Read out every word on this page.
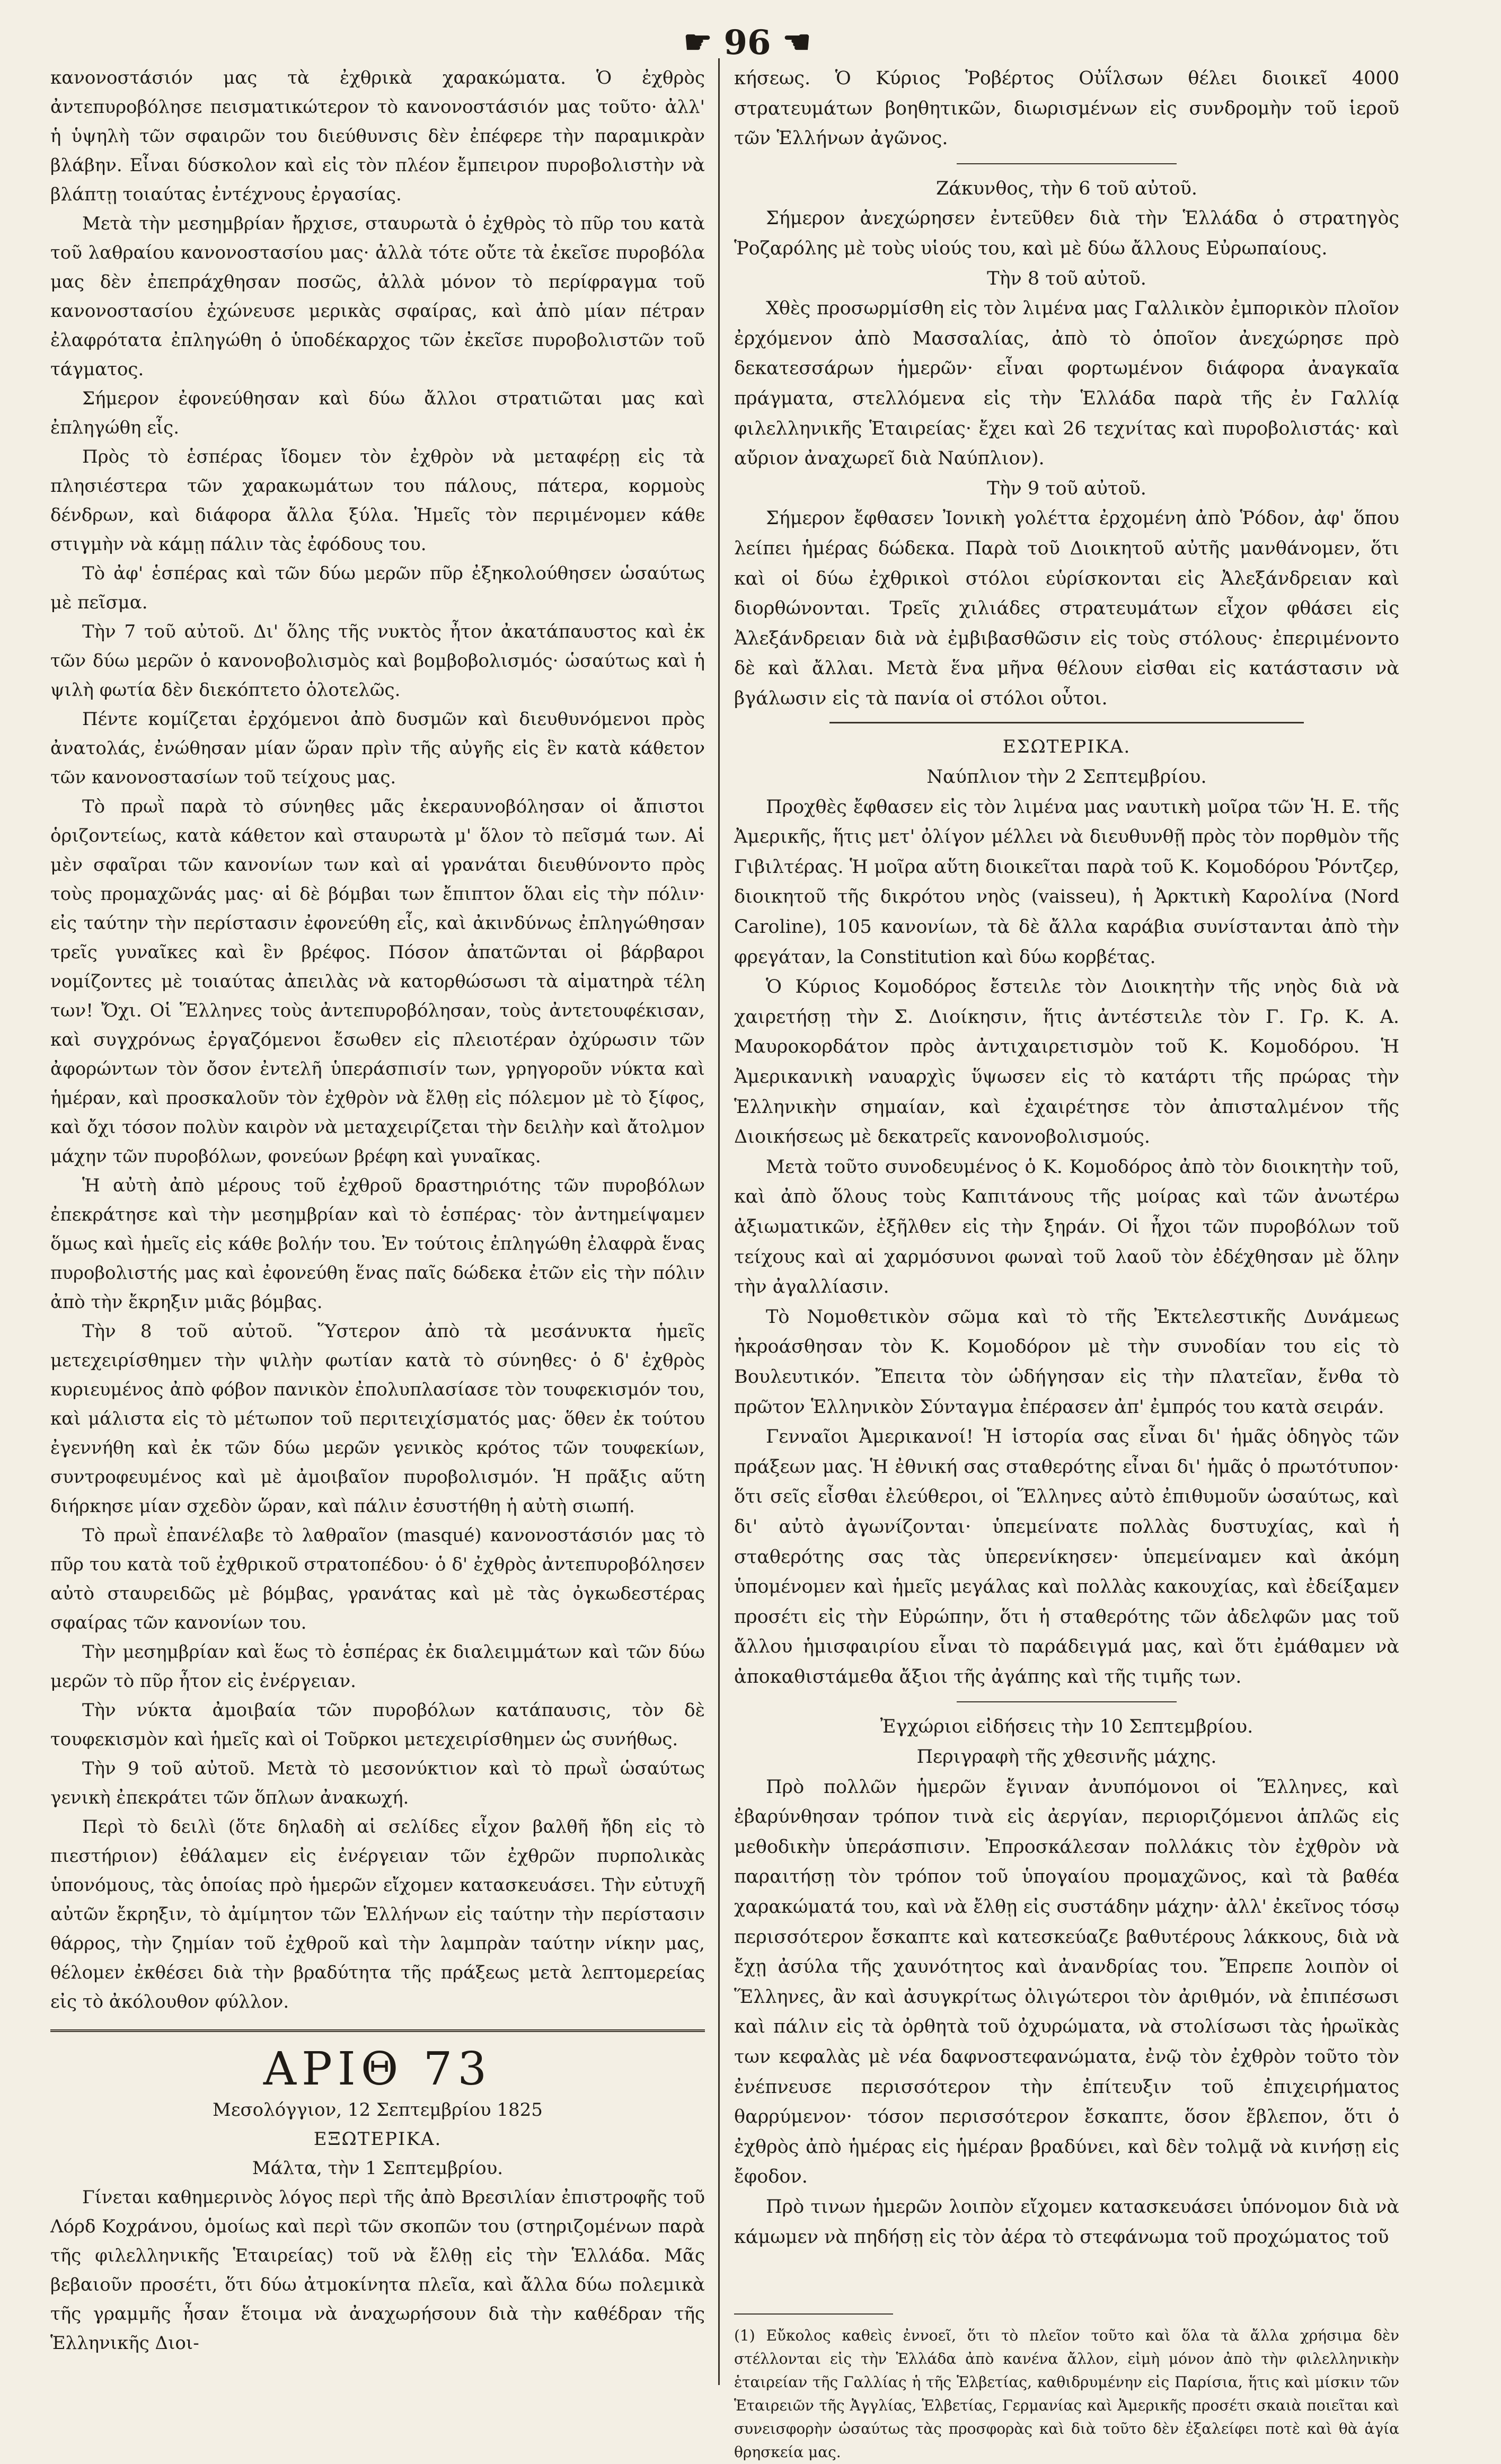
☛ 96 ☚

κανονοστάσιόν μας τὰ ἐχθρικὰ χαρακώματα. Ὁ ἐχθρὸς ἀντεπυροβόλησε πεισματικώτερον τὸ κανονοστάσιόν μας τοῦτο· ἀλλ' ἡ ὑψηλὴ τῶν σφαιρῶν του διεύθυνσις δὲν ἐπέφερε τὴν παραμικρὰν βλάβην. Εἶναι δύσκολον καὶ εἰς τὸν πλέον ἔμπειρον πυροβολιστὴν νὰ βλάπτῃ τοιαύτας ἐντέχνους ἐργασίας.

Μετὰ τὴν μεσημβρίαν ἤρχισε, σταυρωτὰ ὁ ἐχθρὸς τὸ πῦρ του κατὰ τοῦ λαθραίου κανονοστασίου μας· ἀλλὰ τότε οὔτε τὰ ἐκεῖσε πυροβόλα μας δὲν ἐπεπράχθησαν ποσῶς, ἀλλὰ μόνον τὸ περίφραγμα τοῦ κανονοστασίου ἐχώνευσε μερικὰς σφαίρας, καὶ ἀπὸ μίαν πέτραν ἐλαφρότατα ἐπληγώθη ὁ ὑποδέκαρχος τῶν ἐκεῖσε πυροβολιστῶν τοῦ τάγματος.

Σήμερον ἐφονεύθησαν καὶ δύω ἄλλοι στρατιῶται μας καὶ ἐπληγώθη εἷς.

Πρὸς τὸ ἑσπέρας ἴδομεν τὸν ἐχθρὸν νὰ μεταφέρῃ εἰς τὰ πλησιέστερα τῶν χαρακωμάτων του πάλους, πάτερα, κορμοὺς δένδρων, καὶ διάφορα ἄλλα ξύλα. Ἡμεῖς τὸν περιμένομεν κάθε στιγμὴν νὰ κάμῃ πάλιν τὰς ἐφόδους του.

Τὸ ἀφ' ἑσπέρας καὶ τῶν δύω μερῶν πῦρ ἐξηκολούθησεν ὡσαύτως μὲ πεῖσμα.

Τὴν 7 τοῦ αὐτοῦ. Δι' ὅλης τῆς νυκτὸς ἦτον ἀκατάπαυστος καὶ ἐκ τῶν δύω μερῶν ὁ κανονοβολισμὸς καὶ βομβοβολισμός· ὡσαύτως καὶ ἡ ψιλὴ φωτία δὲν διεκόπτετο ὁλοτελῶς.

Πέντε κομίζεται ἐρχόμενοι ἀπὸ δυσμῶν καὶ διευθυνόμενοι πρὸς ἀνατολάς, ἐνώθησαν μίαν ὥραν πρὶν τῆς αὐγῆς εἰς ἓν κατὰ κάθετον τῶν κανονοστασίων τοῦ τείχους μας.

Τὸ πρωῒ παρὰ τὸ σύνηθες μᾶς ἐκεραυνοβόλησαν οἱ ἄπιστοι ὁριζοντείως, κατὰ κάθετον καὶ σταυρωτὰ μ' ὅλον τὸ πεῖσμά των. Αἱ μὲν σφαῖραι τῶν κανονίων των καὶ αἱ γρανάται διευθύνοντο πρὸς τοὺς προμαχῶνάς μας· αἱ δὲ βόμβαι των ἔπιπτον ὅλαι εἰς τὴν πόλιν· εἰς ταύτην τὴν περίστασιν ἐφονεύθη εἷς, καὶ ἀκινδύνως ἐπληγώθησαν τρεῖς γυναῖκες καὶ ἓν βρέφος. Πόσον ἀπατῶνται οἱ βάρβαροι νομίζοντες μὲ τοιαύτας ἀπειλὰς νὰ κατορθώσωσι τὰ αἱματηρὰ τέλη των! Ὄχι. Οἱ Ἕλληνες τοὺς ἀντεπυροβόλησαν, τοὺς ἀντετουφέκισαν, καὶ συγχρόνως ἐργαζόμενοι ἔσωθεν εἰς πλειοτέραν ὀχύρωσιν τῶν ἀφορώντων τὸν ὄσον ἐντελῆ ὑπεράσπισίν των, γρηγοροῦν νύκτα καὶ ἡμέραν, καὶ προσκαλοῦν τὸν ἐχθρὸν νὰ ἔλθῃ εἰς πόλεμον μὲ τὸ ξίφος, καὶ ὄχι τόσον πολὺν καιρὸν νὰ μεταχειρίζεται τὴν δειλὴν καὶ ἄτολμον μάχην τῶν πυροβόλων, φονεύων βρέφη καὶ γυναῖκας.

Ἡ αὐτὴ ἀπὸ μέρους τοῦ ἐχθροῦ δραστηριότης τῶν πυροβόλων ἐπεκράτησε καὶ τὴν μεσημβρίαν καὶ τὸ ἑσπέρας· τὸν ἀντημείψαμεν ὅμως καὶ ἡμεῖς εἰς κάθε βολήν του. Ἐν τούτοις ἐπληγώθη ἐλαφρὰ ἕνας πυροβολιστής μας καὶ ἐφονεύθη ἕνας παῖς δώδεκα ἐτῶν εἰς τὴν πόλιν ἀπὸ τὴν ἔκρηξιν μιᾶς βόμβας.

Τὴν 8 τοῦ αὐτοῦ. Ὕστερον ἀπὸ τὰ μεσάνυκτα ἡμεῖς μετεχειρίσθημεν τὴν ψιλὴν φωτίαν κατὰ τὸ σύνηθες· ὁ δ' ἐχθρὸς κυριευμένος ἀπὸ φόβον πανικὸν ἐπολυπλασίασε τὸν τουφεκισμόν του, καὶ μάλιστα εἰς τὸ μέτωπον τοῦ περιτειχίσματός μας· ὅθεν ἐκ τούτου ἐγεννήθη καὶ ἐκ τῶν δύω μερῶν γενικὸς κρότος τῶν τουφεκίων, συντροφευμένος καὶ μὲ ἀμοιβαῖον πυροβολισμόν. Ἡ πρᾶξις αὕτη διήρκησε μίαν σχεδὸν ὥραν, καὶ πάλιν ἐσυστήθη ἡ αὐτὴ σιωπή.

Τὸ πρωῒ ἐπανέλαβε τὸ λαθραῖον (masqué) κανονοστάσιόν μας τὸ πῦρ του κατὰ τοῦ ἐχθρικοῦ στρατοπέδου· ὁ δ' ἐχθρὸς ἀντεπυροβόλησεν αὐτὸ σταυρειδῶς μὲ βόμβας, γρανάτας καὶ μὲ τὰς ὀγκωδεστέρας σφαίρας τῶν κανονίων του.

Τὴν μεσημβρίαν καὶ ἕως τὸ ἑσπέρας ἐκ διαλειμμάτων καὶ τῶν δύω μερῶν τὸ πῦρ ἦτον εἰς ἐνέργειαν.

Τὴν νύκτα ἀμοιβαία τῶν πυροβόλων κατάπαυσις, τὸν δὲ τουφεκισμὸν καὶ ἡμεῖς καὶ οἱ Τοῦρκοι μετεχειρίσθημεν ὡς συνήθως.

Τὴν 9 τοῦ αὐτοῦ. Μετὰ τὸ μεσονύκτιον καὶ τὸ πρωῒ ὡσαύτως γενικὴ ἐπεκράτει τῶν ὅπλων ἀνακωχή.

Περὶ τὸ δειλὶ (ὅτε δηλαδὴ αἱ σελίδες εἶχον βαλθῆ ἤδη εἰς τὸ πιεστήριον) ἐθάλαμεν εἰς ἐνέργειαν τῶν ἐχθρῶν πυρπολικὰς ὑπονόμους, τὰς ὁποίας πρὸ ἡμερῶν εἴχομεν κατασκευάσει. Τὴν εὐτυχῆ αὐτῶν ἔκρηξιν, τὸ ἀμίμητον τῶν Ἑλλήνων εἰς ταύτην τὴν περίστασιν θάρρος, τὴν ζημίαν τοῦ ἐχθροῦ καὶ τὴν λαμπρὰν ταύτην νίκην μας, θέλομεν ἐκθέσει διὰ τὴν βραδύτητα τῆς πράξεως μετὰ λεπτομερείας εἰς τὸ ἀκόλουθον φύλλον.

ΑΡΙΘ 73

Μεσολόγγιον, 12 Σεπτεμβρίου 1825

ΕΞΩΤΕΡΙΚΑ.

Μάλτα, τὴν 1 Σεπτεμβρίου.

Γίνεται καθημερινὸς λόγος περὶ τῆς ἀπὸ Βρεσιλίαν ἐπιστροφῆς τοῦ Λόρδ Κοχράνου, ὁμοίως καὶ περὶ τῶν σκοπῶν του (στηριζομένων παρὰ τῆς φιλελληνικῆς Ἑταιρείας) τοῦ νὰ ἔλθῃ εἰς τὴν Ἑλλάδα. Μᾶς βεβαιοῦν προσέτι, ὅτι δύω ἀτμοκίνητα πλεῖα, καὶ ἄλλα δύω πολεμικὰ τῆς γραμμῆς ἦσαν ἕτοιμα νὰ ἀναχωρήσουν διὰ τὴν καθέδραν τῆς Ἑλληνικῆς Διοι-

κήσεως. Ὁ Κύριος Ῥοβέρτος Οὐΐλσων θέλει διοικεῖ 4000 στρατευμάτων βοηθητικῶν, διωρισμένων εἰς συνδρομὴν τοῦ ἱεροῦ τῶν Ἑλλήνων ἀγῶνος.

Ζάκυνθος, τὴν 6 τοῦ αὐτοῦ.

Σήμερον ἀνεχώρησεν ἐντεῦθεν διὰ τὴν Ἑλλάδα ὁ στρατηγὸς Ῥοζαρόλης μὲ τοὺς υἱούς του, καὶ μὲ δύω ἄλλους Εὐρωπαίους.

Τὴν 8 τοῦ αὐτοῦ.

Χθὲς προσωρμίσθη εἰς τὸν λιμένα μας Γαλλικὸν ἐμπορικὸν πλοῖον ἐρχόμενον ἀπὸ Μασσαλίας, ἀπὸ τὸ ὁποῖον ἀνεχώρησε πρὸ δεκατεσσάρων ἡμερῶν· εἶναι φορτωμένον διάφορα ἀναγκαῖα πράγματα, στελλόμενα εἰς τὴν Ἑλλάδα παρὰ τῆς ἐν Γαλλίᾳ φιλελληνικῆς Ἑταιρείας· ἔχει καὶ 26 τεχνίτας καὶ πυροβολιστάς· καὶ αὔριον ἀναχωρεῖ διὰ Ναύπλιον).

Τὴν 9 τοῦ αὐτοῦ.

Σήμερον ἔφθασεν Ἰονικὴ γολέττα ἐρχομένη ἀπὸ Ῥόδον, ἀφ' ὅπου λείπει ἡμέρας δώδεκα. Παρὰ τοῦ Διοικητοῦ αὐτῆς μανθάνομεν, ὅτι καὶ οἱ δύω ἐχθρικοὶ στόλοι εὑρίσκονται εἰς Ἀλεξάνδρειαν καὶ διορθώνονται. Τρεῖς χιλιάδες στρατευμάτων εἶχον φθάσει εἰς Ἀλεξάνδρειαν διὰ νὰ ἐμβιβασθῶσιν εἰς τοὺς στόλους· ἐπεριμένοντο δὲ καὶ ἄλλαι. Μετὰ ἕνα μῆνα θέλουν εἰσθαι εἰς κατάστασιν νὰ βγάλωσιν εἰς τὰ πανία οἱ στόλοι οὗτοι.

ΕΣΩΤΕΡΙΚΑ.

Ναύπλιον τὴν 2 Σεπτεμβρίου.

Προχθὲς ἔφθασεν εἰς τὸν λιμένα μας ναυτικὴ μοῖρα τῶν Ἡ. Ε. τῆς Ἀμερικῆς, ἥτις μετ' ὀλίγον μέλλει νὰ διευθυνθῇ πρὸς τὸν πορθμὸν τῆς Γιβιλτέρας. Ἡ μοῖρα αὕτη διοικεῖται παρὰ τοῦ Κ. Κομοδόρου Ῥόντζερ, διοικητοῦ τῆς δικρότου νηὸς (vaisseu), ἡ Ἀρκτικὴ Καρολίνα (Nord Caroline), 105 κανονίων, τὰ δὲ ἄλλα καράβια συνίστανται ἀπὸ τὴν φρεγάταν, la Constitution καὶ δύω κορβέτας.

Ὁ Κύριος Κομοδόρος ἔστειλε τὸν Διοικητὴν τῆς νηὸς διὰ νὰ χαιρετήσῃ τὴν Σ. Διοίκησιν, ἥτις ἀντέστειλε τὸν Γ. Γρ. Κ. Α. Μαυροκορδάτον πρὸς ἀντιχαιρετισμὸν τοῦ Κ. Κομοδόρου. Ἡ Ἀμερικανικὴ ναυαρχὶς ὕψωσεν εἰς τὸ κατάρτι τῆς πρώρας τὴν Ἑλληνικὴν σημαίαν, καὶ ἐχαιρέτησε τὸν ἀπισταλμένον τῆς Διοικήσεως μὲ δεκατρεῖς κανονοβολισμούς.

Μετὰ τοῦτο συνοδευμένος ὁ Κ. Κομοδόρος ἀπὸ τὸν διοικητὴν τοῦ, καὶ ἀπὸ ὅλους τοὺς Καπιτάνους τῆς μοίρας καὶ τῶν ἀνωτέρω ἀξιωματικῶν, ἐξῆλθεν εἰς τὴν ξηράν. Οἱ ἦχοι τῶν πυροβόλων τοῦ τείχους καὶ αἱ χαρμόσυνοι φωναὶ τοῦ λαοῦ τὸν ἐδέχθησαν μὲ ὅλην τὴν ἀγαλλίασιν.

Τὸ Νομοθετικὸν σῶμα καὶ τὸ τῆς Ἐκτελεστικῆς Δυνάμεως ἠκροάσθησαν τὸν Κ. Κομοδόρον μὲ τὴν συνοδίαν του εἰς τὸ Βουλευτικόν. Ἔπειτα τὸν ὡδήγησαν εἰς τὴν πλατεῖαν, ἔνθα τὸ πρῶτον Ἑλληνικὸν Σύνταγμα ἐπέρασεν ἀπ' ἐμπρός του κατὰ σειράν.

Γενναῖοι Ἀμερικανοί! Ἡ ἱστορία σας εἶναι δι' ἡμᾶς ὁδηγὸς τῶν πράξεων μας. Ἡ ἐθνική σας σταθερότης εἶναι δι' ἡμᾶς ὁ πρωτότυπον· ὅτι σεῖς εἶσθαι ἐλεύθεροι, οἱ Ἕλληνες αὐτὸ ἐπιθυμοῦν ὡσαύτως, καὶ δι' αὐτὸ ἀγωνίζονται· ὑπεμείνατε πολλὰς δυστυχίας, καὶ ἡ σταθερότης σας τὰς ὑπερενίκησεν· ὑπεμείναμεν καὶ ἀκόμη ὑπομένομεν καὶ ἡμεῖς μεγάλας καὶ πολλὰς κακουχίας, καὶ ἐδείξαμεν προσέτι εἰς τὴν Εὐρώπην, ὅτι ἡ σταθερότης τῶν ἀδελφῶν μας τοῦ ἄλλου ἡμισφαιρίου εἶναι τὸ παράδειγμά μας, καὶ ὅτι ἐμάθαμεν νὰ ἀποκαθιστάμεθα ἄξιοι τῆς ἀγάπης καὶ τῆς τιμῆς των.

Ἐγχώριοι εἰδήσεις τὴν 10 Σεπτεμβρίου.

Περιγραφὴ τῆς χθεσινῆς μάχης.

Πρὸ πολλῶν ἡμερῶν ἔγιναν ἀνυπόμονοι οἱ Ἕλληνες, καὶ ἐβαρύνθησαν τρόπον τινὰ εἰς ἀεργίαν, περιοριζόμενοι ἁπλῶς εἰς μεθοδικὴν ὑπεράσπισιν. Ἐπροσκάλεσαν πολλάκις τὸν ἐχθρὸν νὰ παραιτήσῃ τὸν τρόπον τοῦ ὑπογαίου προμαχῶνος, καὶ τὰ βαθέα χαρακώματά του, καὶ νὰ ἔλθῃ εἰς συστάδην μάχην· ἀλλ' ἐκεῖνος τόσῳ περισσότερον ἔσκαπτε καὶ κατεσκεύαζε βαθυτέρους λάκκους, διὰ νὰ ἔχῃ ἀσύλα τῆς χαυνότητος καὶ ἀνανδρίας του. Ἔπρεπε λοιπὸν οἱ Ἕλληνες, ἂν καὶ ἀσυγκρίτως ὀλιγώτεροι τὸν ἀριθμόν, νὰ ἐπιπέσωσι καὶ πάλιν εἰς τὰ ὀρθητὰ τοῦ ὀχυρώματα, νὰ στολίσωσι τὰς ἡρωϊκὰς των κεφαλὰς μὲ νέα δαφνοστεφανώματα, ἐνῷ τὸν ἐχθρὸν τοῦτο τὸν ἐνέπνευσε περισσότερον τὴν ἐπίτευξιν τοῦ ἐπιχειρήματος θαρρύμενον· τόσον περισσότερον ἔσκαπτε, ὅσον ἔβλεπον, ὅτι ὁ ἐχθρὸς ἀπὸ ἡμέρας εἰς ἡμέραν βραδύνει, καὶ δὲν τολμᾷ νὰ κινήσῃ εἰς ἔφοδον.

Πρὸ τινων ἡμερῶν λοιπὸν εἴχομεν κατασκευάσει ὑπόνομον διὰ νὰ κάμωμεν νὰ πηδήσῃ εἰς τὸν ἀέρα τὸ στεφάνωμα τοῦ προχώματος τοῦ

(1) Εὔκολος καθεὶς ἐννοεῖ, ὅτι τὸ πλεῖον τοῦτο καὶ ὅλα τὰ ἄλλα χρήσιμα δὲν στέλλονται εἰς τὴν Ἑλλάδα ἀπὸ κανένα ἄλλον, εἰμὴ μόνον ἀπὸ τὴν φιλελληνικὴν ἑταιρείαν τῆς Γαλλίας ἡ τῆς Ἑλβετίας, καθιδρυμένην εἰς Παρίσια, ἥτις καὶ μίσκιν τῶν Ἑταιρειῶν τῆς Ἀγγλίας, Ἑλβετίας, Γερμανίας καὶ Ἀμερικῆς προσέτι σκαιὰ ποιεῖται καὶ συνεισφορὴν ὡσαύτως τὰς προσφορὰς καὶ διὰ τοῦτο δὲν ἐξαλείφει ποτὲ καὶ θὰ ἁγία θρησκεία μας.
